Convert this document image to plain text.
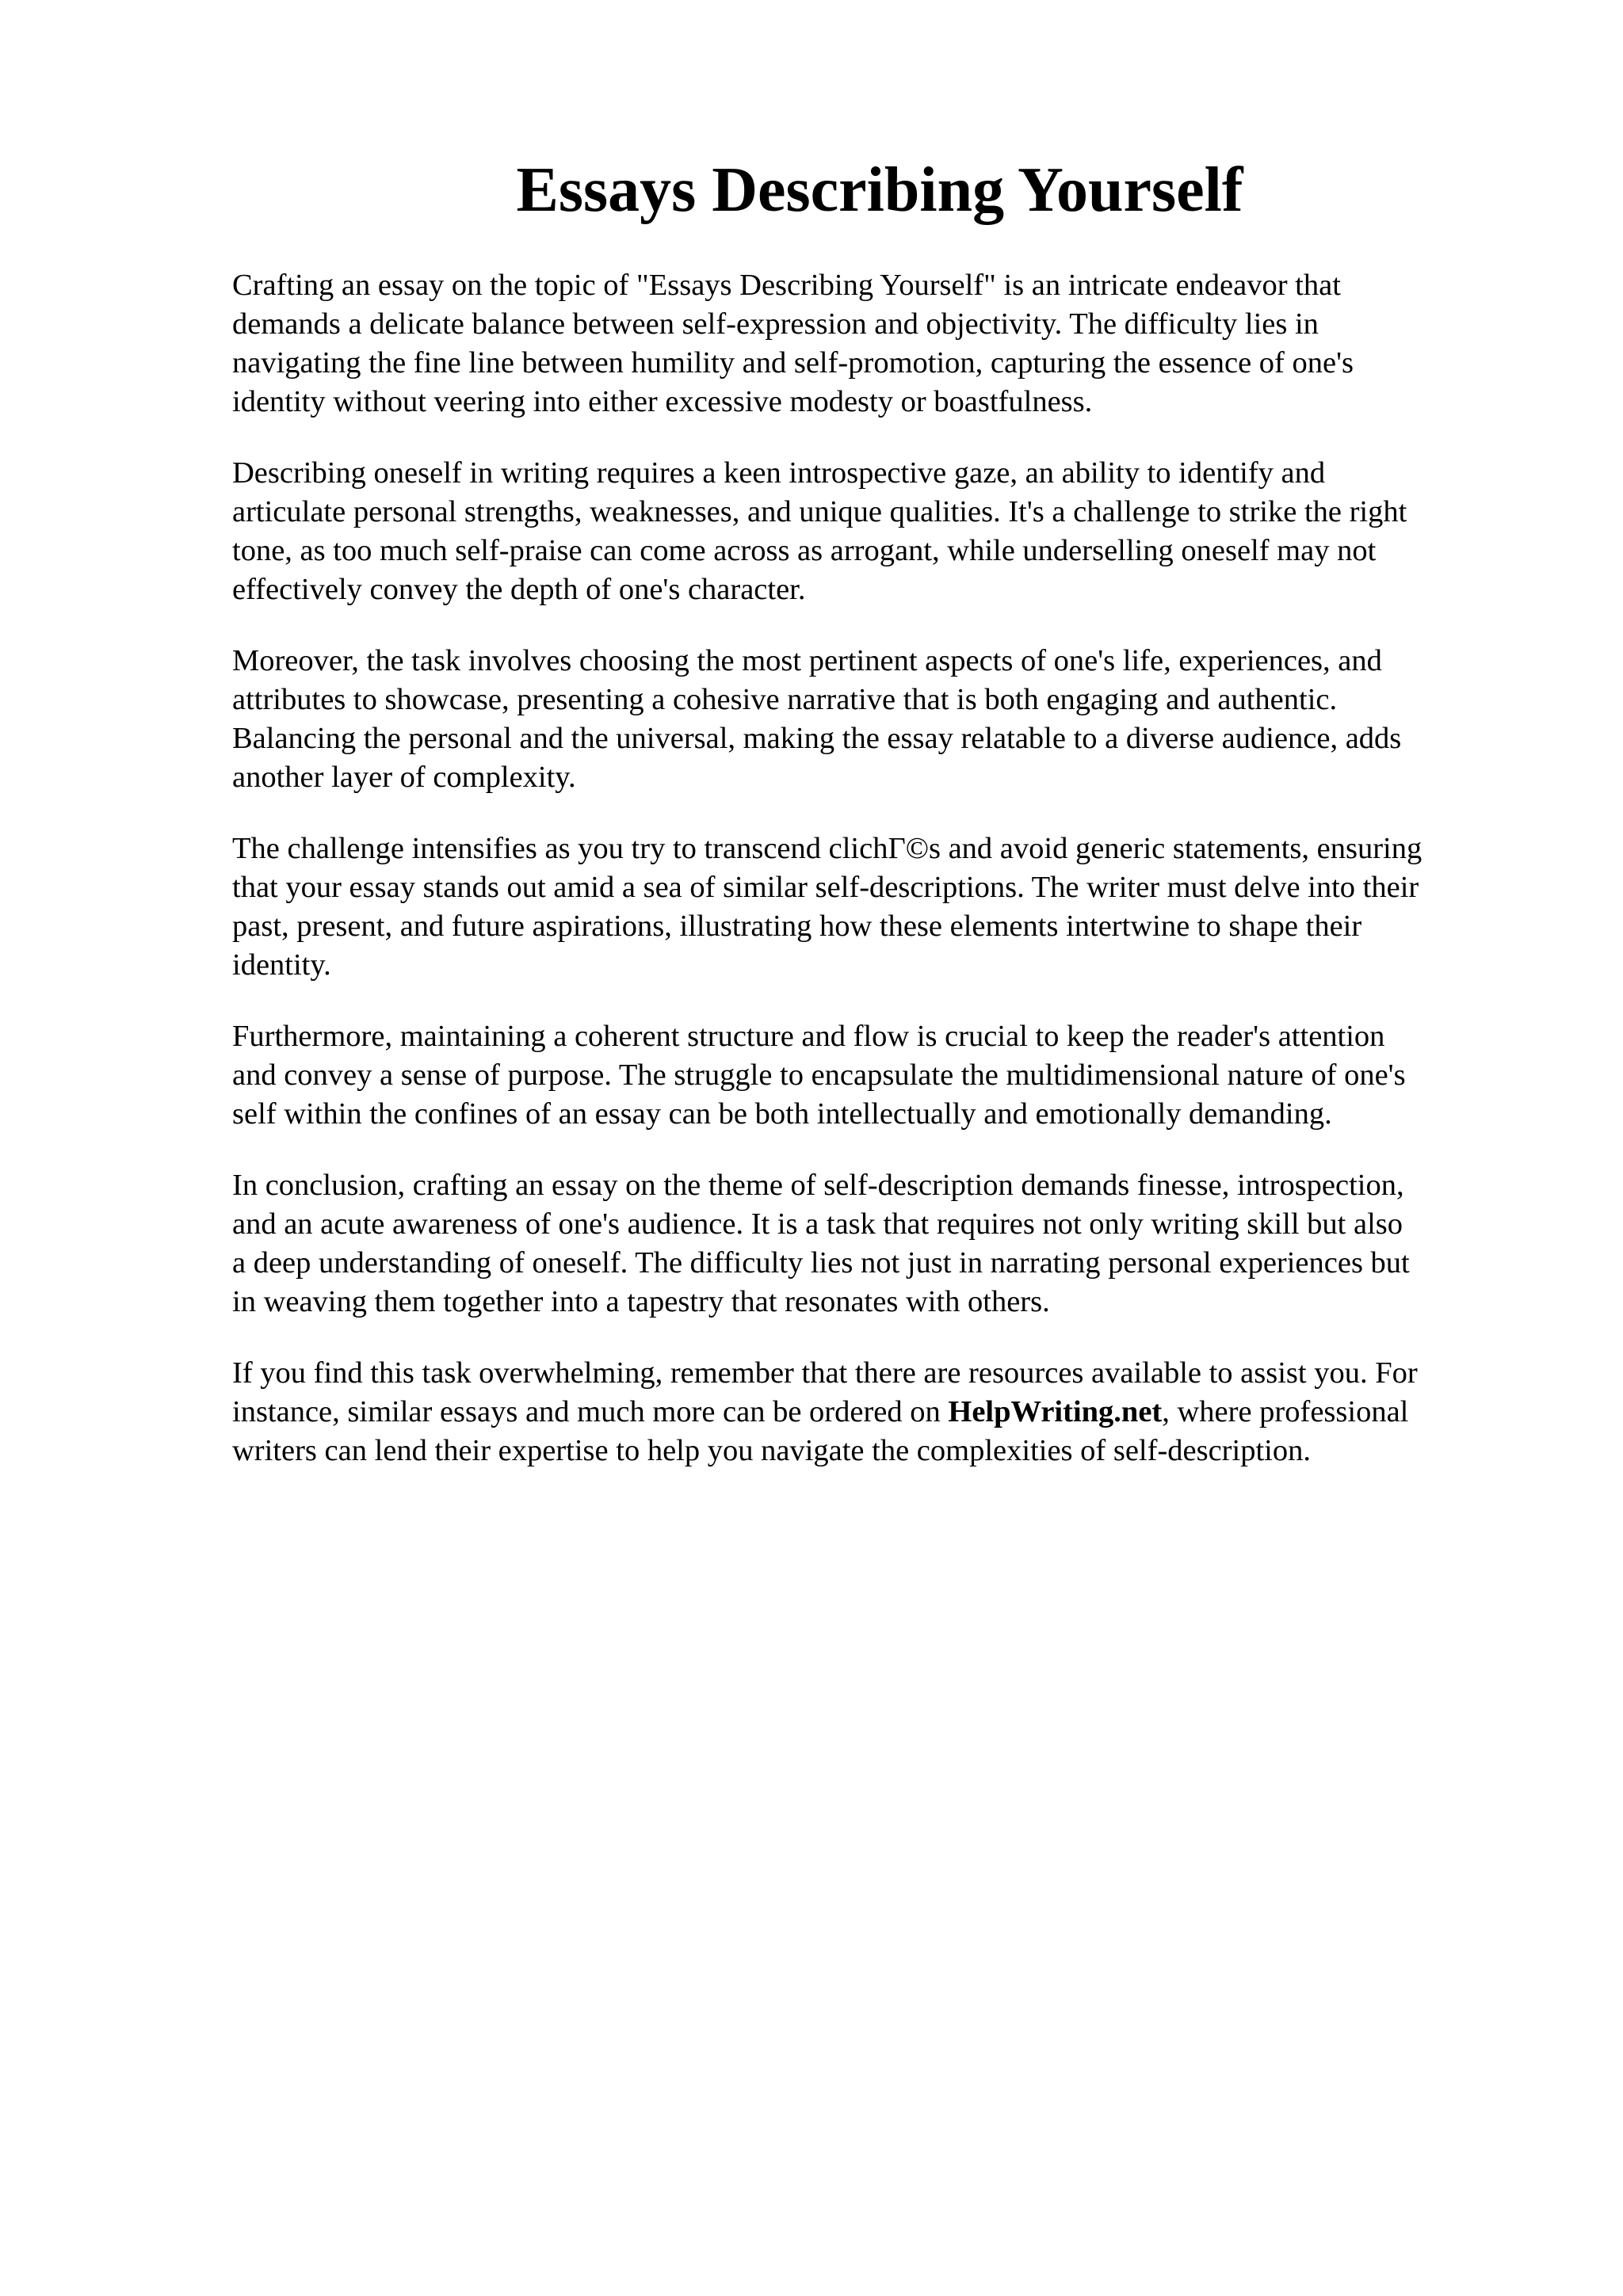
Essays Describing Yourself

Crafting an essay on the topic of "Essays Describing Yourself" is an intricate endeavor that
demands a delicate balance between self-expression and objectivity. The difficulty lies in
navigating the fine line between humility and self-promotion, capturing the essence of one's
identity without veering into either excessive modesty or boastfulness.

Describing oneself in writing requires a keen introspective gaze, an ability to identify and
articulate personal strengths, weaknesses, and unique qualities. It's a challenge to strike the right
tone, as too much self-praise can come across as arrogant, while underselling oneself may not
effectively convey the depth of one's character.

Moreover, the task involves choosing the most pertinent aspects of one's life, experiences, and
attributes to showcase, presenting a cohesive narrative that is both engaging and authentic.
Balancing the personal and the universal, making the essay relatable to a diverse audience, adds
another layer of complexity.

The challenge intensifies as you try to transcend clichΓ©s and avoid generic statements, ensuring
that your essay stands out amid a sea of similar self-descriptions. The writer must delve into their
past, present, and future aspirations, illustrating how these elements intertwine to shape their
identity.

Furthermore, maintaining a coherent structure and flow is crucial to keep the reader's attention
and convey a sense of purpose. The struggle to encapsulate the multidimensional nature of one's
self within the confines of an essay can be both intellectually and emotionally demanding.

In conclusion, crafting an essay on the theme of self-description demands finesse, introspection,
and an acute awareness of one's audience. It is a task that requires not only writing skill but also
a deep understanding of oneself. The difficulty lies not just in narrating personal experiences but
in weaving them together into a tapestry that resonates with others.

If you find this task overwhelming, remember that there are resources available to assist you. For
instance, similar essays and much more can be ordered on HelpWriting.net, where professional
writers can lend their expertise to help you navigate the complexities of self-description.
